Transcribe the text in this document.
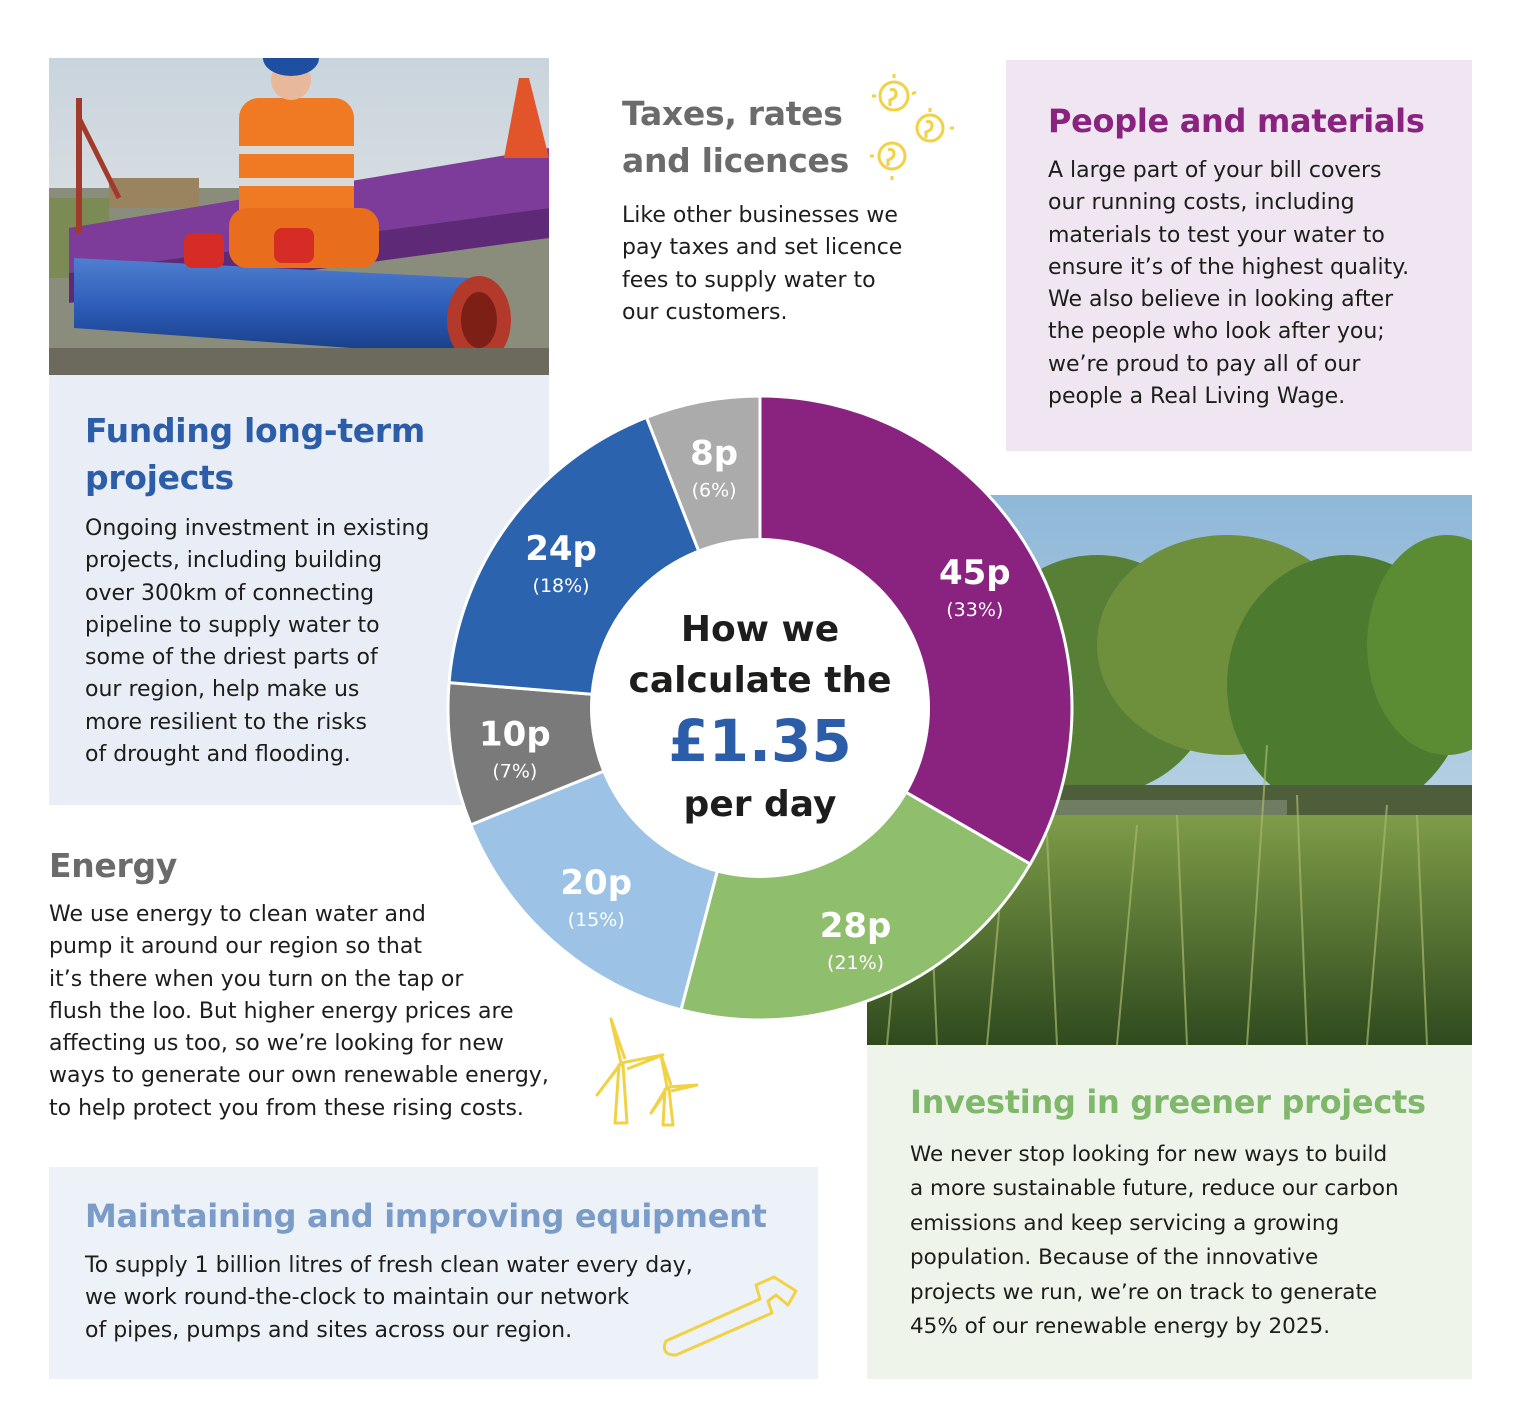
Taxes, rates
and licences

Like other businesses we
pay taxes and set licence
fees to supply water to
our customers.

People and materials

A large part of your bill covers
our running costs, including
materials to test your water to
ensure it’s of the highest quality.
We also believe in looking after
the people who look after you;
we’re proud to pay all of our
people a Real Living Wage.

Funding long-term
projects

Ongoing investment in existing
projects, including building
over 300km of connecting
pipeline to supply water to
some of the driest parts of
our region, help make us
more resilient to the risks
of drought and flooding.

Energy

We use energy to clean water and
pump it around our region so that
it’s there when you turn on the tap or
flush the loo. But higher energy prices are
affecting us too, so we’re looking for new
ways to generate our own renewable energy,
to help protect you from these rising costs.

Maintaining and improving equipment

To supply 1 billion litres of fresh clean water every day,
we work round-the-clock to maintain our network
of pipes, pumps and sites across our region.

Investing in greener projects

We never stop looking for new ways to build
a more sustainable future, reduce our carbon
emissions and keep servicing a growing
population. Because of the innovative
projects we run, we’re on track to generate
45% of our renewable energy by 2025.

45p
(33%)
28p
(21%)
20p
(15%)
10p
(7%)
24p
(18%)
8p
(6%)
How we
calculate the
£1.35
per day
